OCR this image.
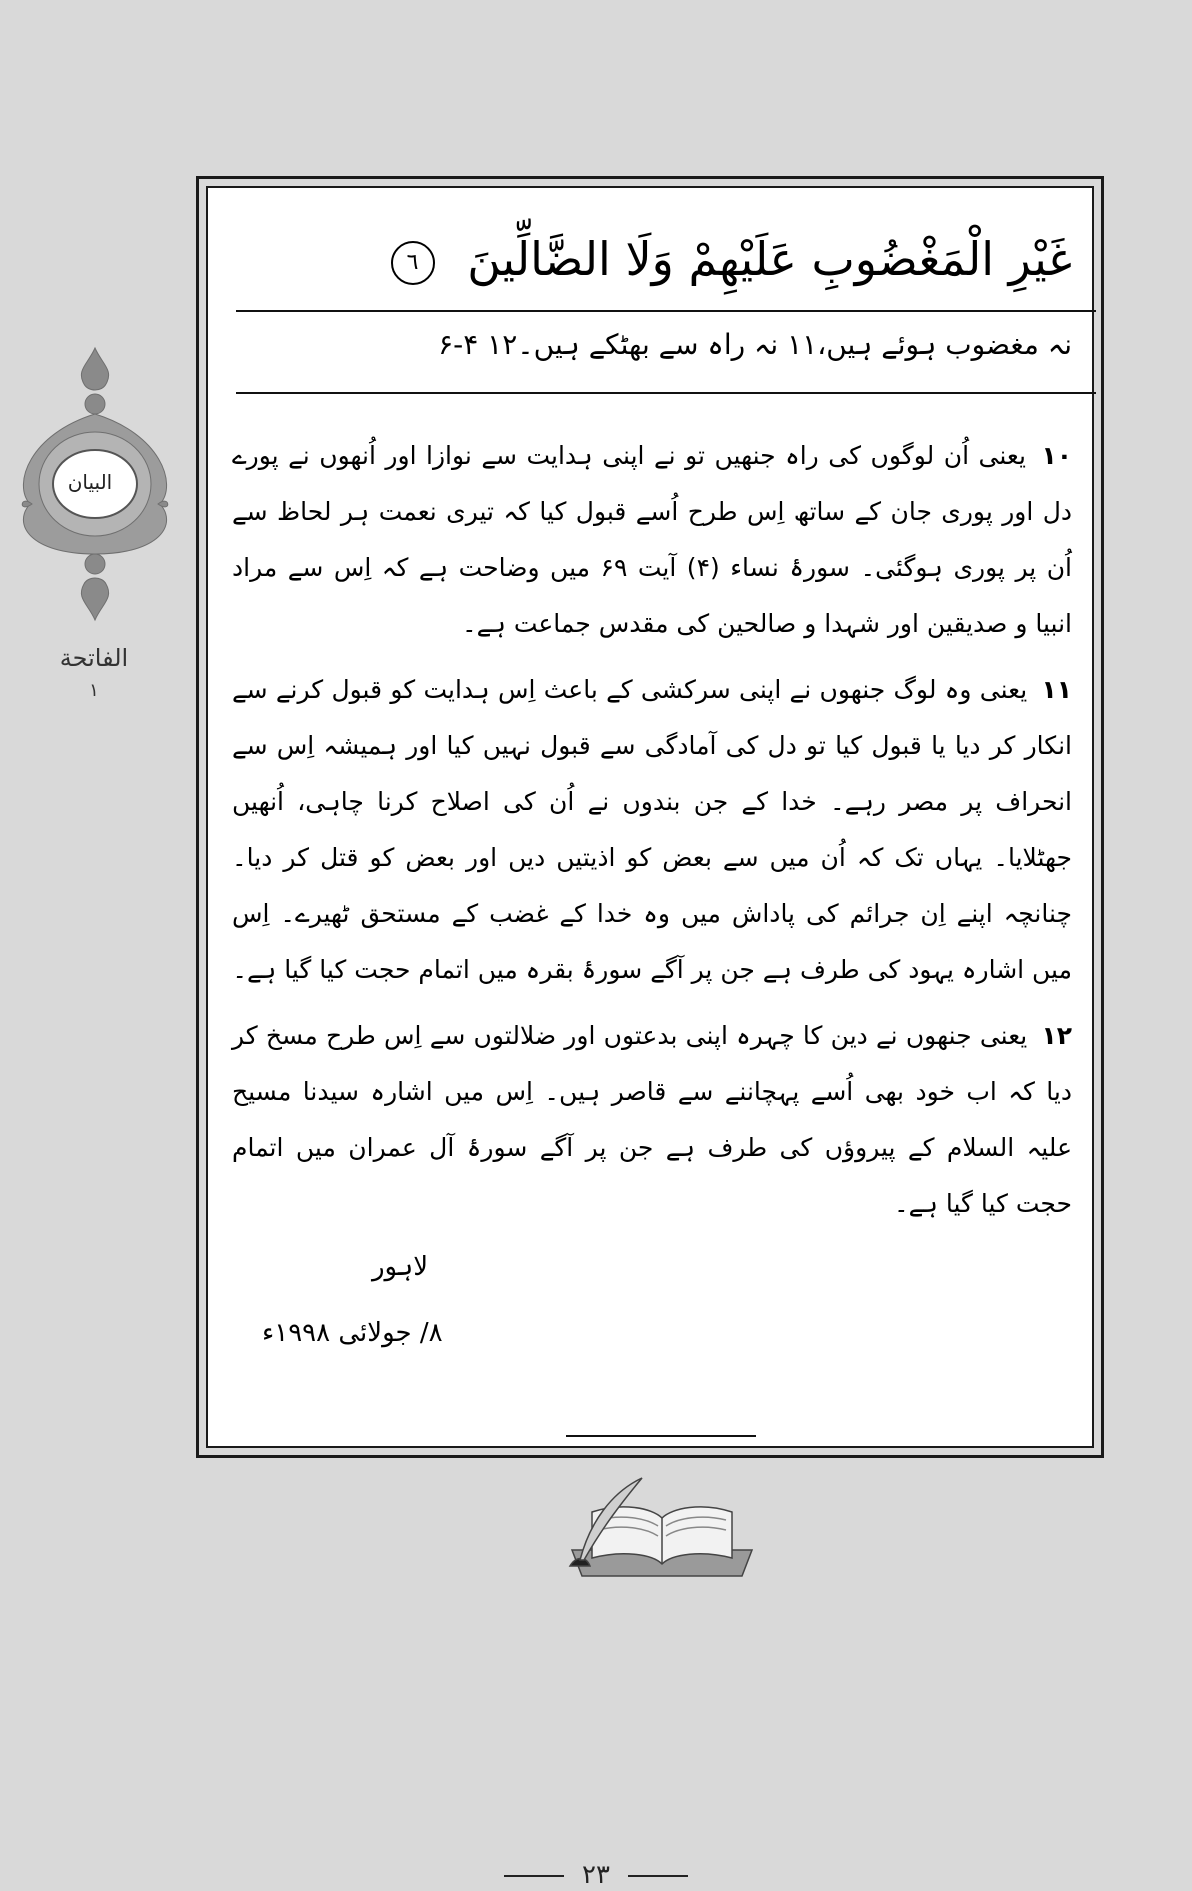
البیان
الفاتحة
١
غَيْرِ الْمَغْضُوبِ عَلَيْهِمْ وَلَا الضَّالِّينَ ٦
نہ مغضوب ہوئے ہیں،۱۱ نہ راہ سے بھٹکے ہیں۔۱۲ ۴-۶

۱۰ یعنی اُن لوگوں کی راہ جنھیں تو نے اپنی ہدایت سے نوازا اور اُنھوں نے پورے دل اور پوری جان کے ساتھ اِس طرح اُسے قبول کیا کہ تیری نعمت ہر لحاظ سے اُن پر پوری ہوگئی۔ سورۂ نساء (۴) آیت ۶۹ میں وضاحت ہے کہ اِس سے مراد انبیا و صدیقین اور شہدا و صالحین کی مقدس جماعت ہے۔

۱۱ یعنی وہ لوگ جنھوں نے اپنی سرکشی کے باعث اِس ہدایت کو قبول کرنے سے انکار کر دیا یا قبول کیا تو دل کی آمادگی سے قبول نہیں کیا اور ہمیشہ اِس سے انحراف پر مصر رہے۔ خدا کے جن بندوں نے اُن کی اصلاح کرنا چاہی، اُنھیں جھٹلایا۔ یہاں تک کہ اُن میں سے بعض کو اذیتیں دیں اور بعض کو قتل کر دیا۔ چنانچہ اپنے اِن جرائم کی پاداش میں وہ خدا کے غضب کے مستحق ٹھیرے۔ اِس میں اشارہ یہود کی طرف ہے جن پر آگے سورۂ بقرہ میں اتمام حجت کیا گیا ہے۔

۱۲ یعنی جنھوں نے دین کا چہرہ اپنی بدعتوں اور ضلالتوں سے اِس طرح مسخ کر دیا کہ اب خود بھی اُسے پہچاننے سے قاصر ہیں۔ اِس میں اشارہ سیدنا مسیح علیہ السلام کے پیروؤں کی طرف ہے جن پر آگے سورۂ آل عمران میں اتمام حجت کیا گیا ہے۔

لاہور
۸/ جولائی ۱۹۹۸ء
۲۳
